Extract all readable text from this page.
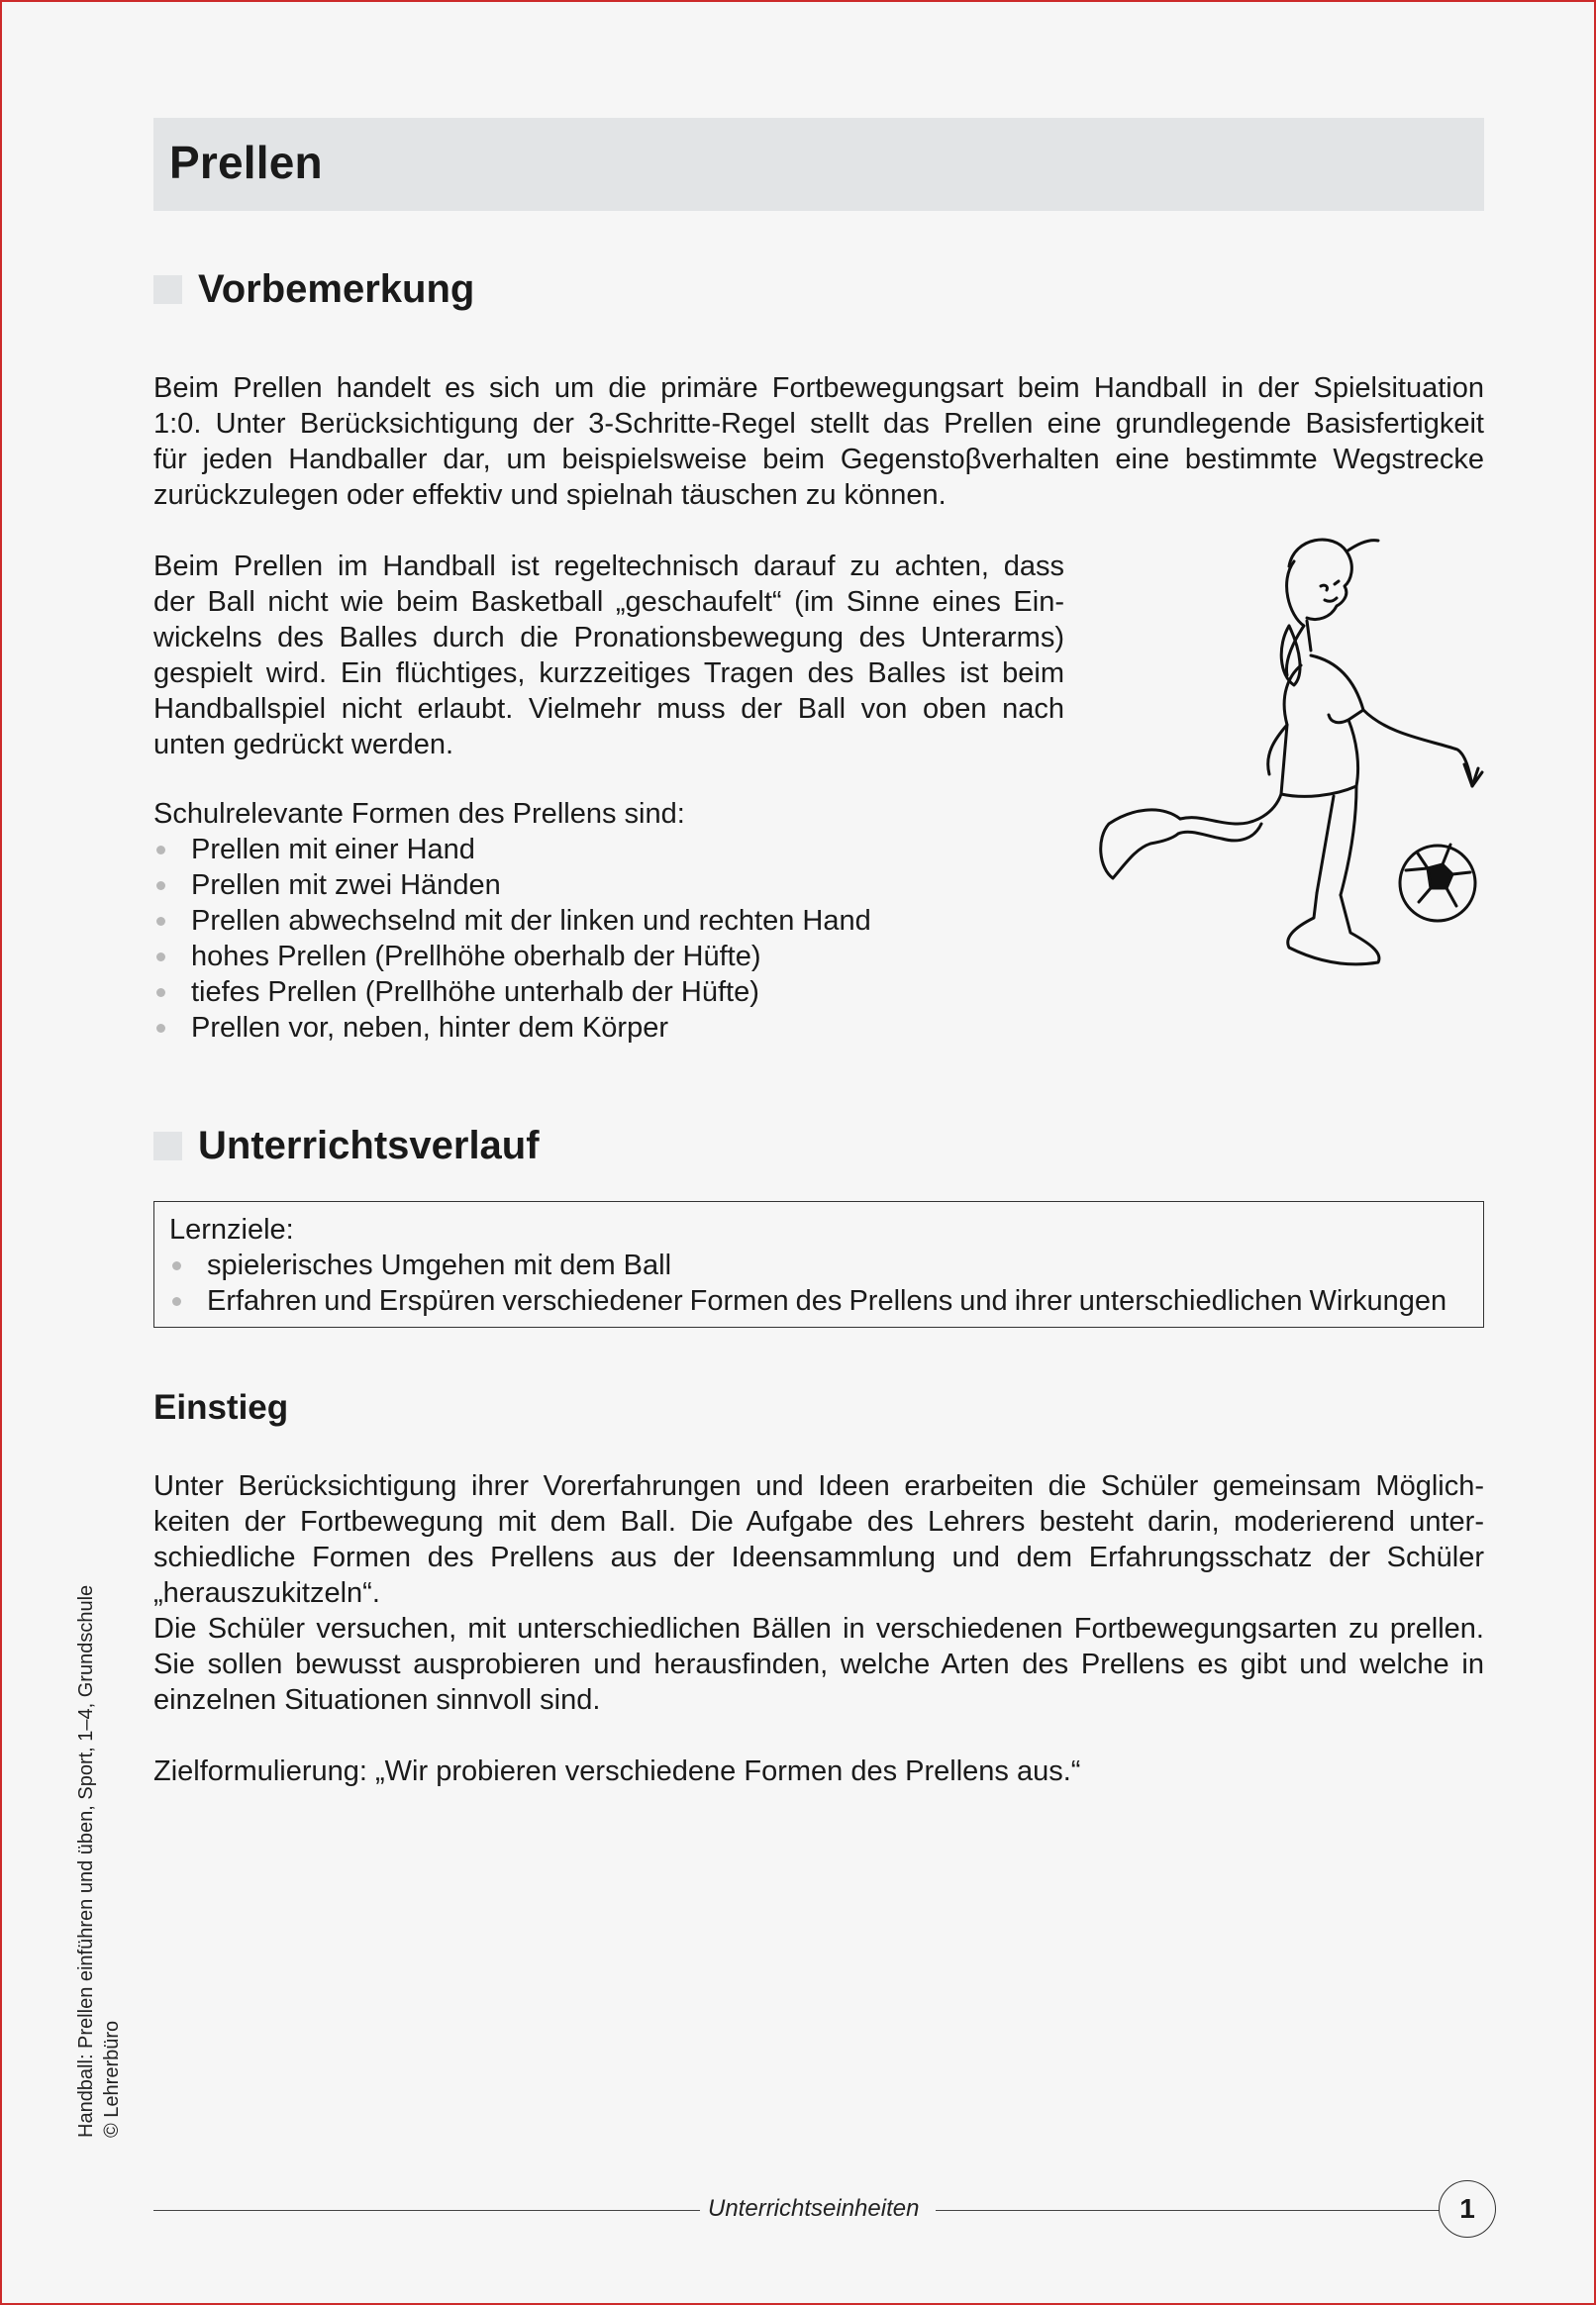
Prellen
Vorbemerkung
Beim Prellen handelt es sich um die primäre Fortbewegungsart beim Handball in der Spielsituation
1:0. Unter Berücksichtigung der 3-Schritte-Regel stellt das Prellen eine grundlegende Basisfertigkeit
für jeden Handballer dar, um beispielsweise beim Gegenstoβverhalten eine bestimmte Wegstrecke
zurückzulegen oder effektiv und spielnah täuschen zu können.
Beim Prellen im Handball ist regeltechnisch darauf zu achten, dass
der Ball nicht wie beim Basketball „geschaufelt“ (im Sinne eines Ein-
wickelns des Balles durch die Pronationsbewegung des Unterarms)
gespielt wird. Ein flüchtiges, kurzzeitiges Tragen des Balles ist beim
Handballspiel nicht erlaubt. Vielmehr muss der Ball von oben nach
unten gedrückt werden.
Schulrelevante Formen des Prellens sind:
Prellen mit einer Hand
Prellen mit zwei Händen
Prellen abwechselnd mit der linken und rechten Hand
hohes Prellen (Prellhöhe oberhalb der Hüfte)
tiefes Prellen (Prellhöhe unterhalb der Hüfte)
Prellen vor, neben, hinter dem Körper
Unterrichtsverlauf
Lernziele:
spielerisches Umgehen mit dem Ball
Erfahren und Erspüren verschiedener Formen des Prellens und ihrer unterschiedlichen Wirkungen
Einstieg
Unter Berücksichtigung ihrer Vorerfahrungen und Ideen erarbeiten die Schüler gemeinsam Möglich-
keiten der Fortbewegung mit dem Ball. Die Aufgabe des Lehrers besteht darin, moderierend unter-
schiedliche Formen des Prellens aus der Ideensammlung und dem Erfahrungsschatz der Schüler
„herauszukitzeln“.
Die Schüler versuchen, mit unterschiedlichen Bällen in verschiedenen Fortbewegungsarten zu prellen.
Sie sollen bewusst ausprobieren und herausfinden, welche Arten des Prellens es gibt und welche in
einzelnen Situationen sinnvoll sind.
Zielformulierung: „Wir probieren verschiedene Formen des Prellens aus.“
Handball: Prellen einführen und üben, Sport, 1–4, Grundschule © Lehrerbüro
Unterrichtseinheiten	1
